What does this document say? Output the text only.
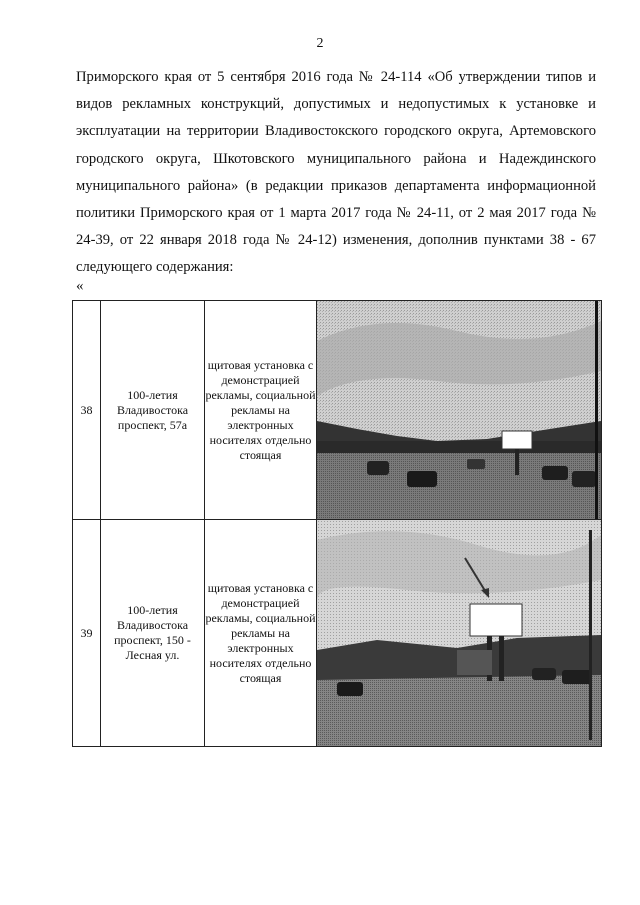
2

Приморского края от 5 сентября 2016 года № 24-114 «Об утверждении типов и видов рекламных конструкций, допустимых и недопустимых к установке и эксплуатации на территории Владивостокского городского округа, Артемовского городского округа, Шкотовского муниципального района и Надеждинского муниципального района» (в редакции приказов департамента информационной политики Приморского края от 1 марта 2017 года № 24-11, от 2 мая 2017 года № 24-39, от 22 января 2018 года № 24-12) изменения, дополнив пунктами 38 - 67 следующего содержания:

«
38	100-летия Владивостока проспект, 57а	щитовая установка с демонстрацией рекламы, социальной рекламы на электронных носителях отдельно стоящая	

39	100-летия Владивостока проспект, 150 - Лесная ул.	щитовая установка с демонстрацией рекламы, социальной рекламы на электронных носителях отдельно стоящая	
